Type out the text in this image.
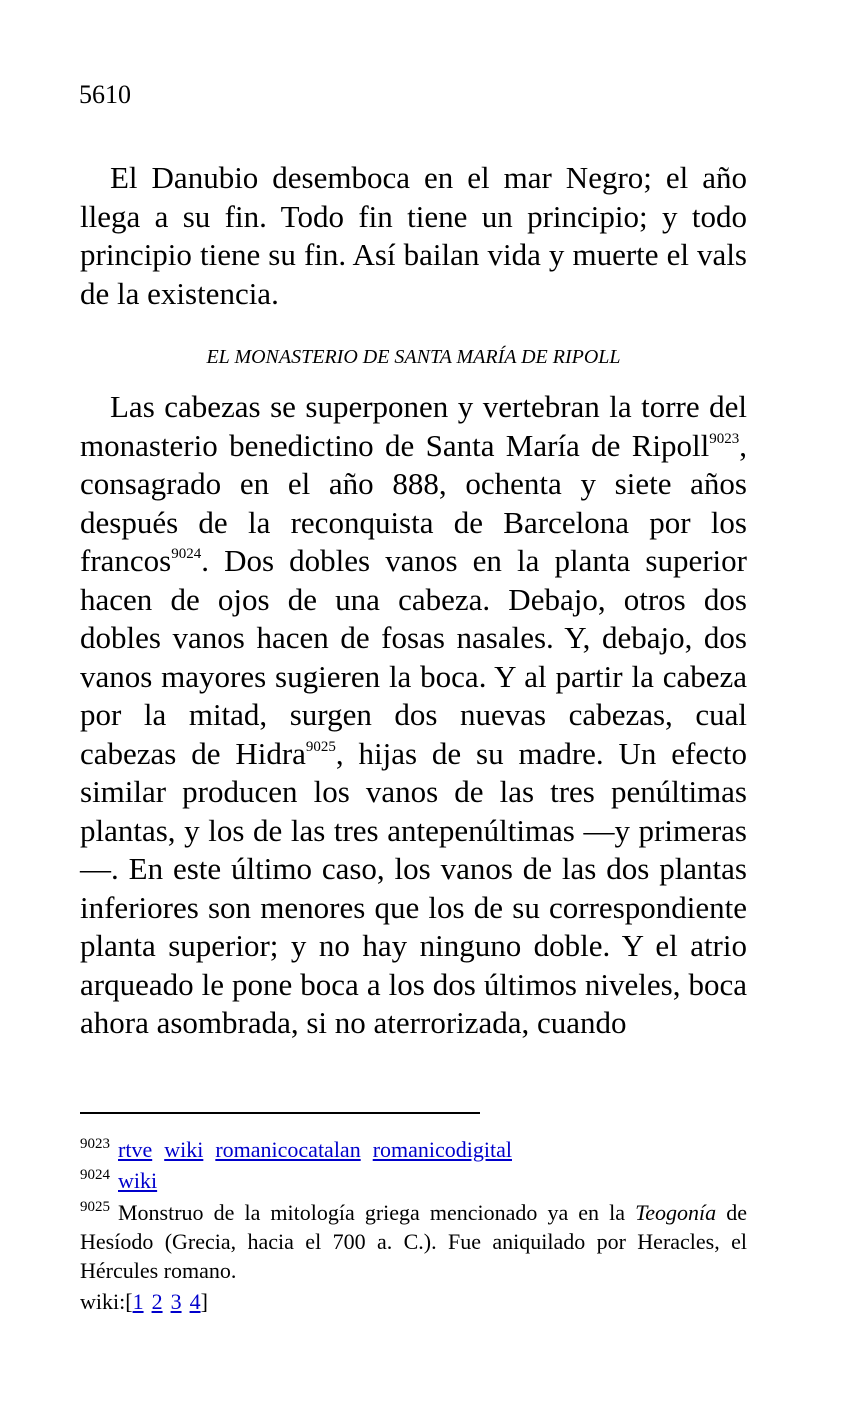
5610

El Danubio desemboca en el mar Negro; el año llega a su fin. Todo fin tiene un principio; y todo principio tiene su fin. Así bailan vida y muerte el vals de la existencia.

EL MONASTERIO DE SANTA MARÍA DE RIPOLL

Las cabezas se superponen y vertebran la torre del monasterio benedictino de Santa María de Ripoll$^{9023}$, consagrado en el año 888, ochenta y siete años después de la reconquista de Barcelona por los francos$^{9024}$. Dos dobles vanos en la planta superior hacen de ojos de una cabeza. Debajo, otros dos dobles vanos hacen de fosas nasales. Y, debajo, dos vanos mayores sugieren la boca. Y al partir la cabeza por la mitad, surgen dos nuevas cabezas, cual cabezas de Hidra$^{9025}$, hijas de su madre. Un efecto similar producen los vanos de las tres penúltimas plantas, y los de las tres antepenúltimas —y primeras—. En este último caso, los vanos de las dos plantas inferiores son menores que los de su correspondiente planta superior; y no hay ninguno doble. Y el atrio arqueado le pone boca a los dos últimos niveles, boca ahora asombrada, si no aterrorizada, cuando

$^{9023}$ rtve wiki romanicocatalan romanicodigital

$^{9024}$ wiki

$^{9025}$ Monstruo de la mitología griega mencionado ya en la Teogonía de Hesíodo (Grecia, hacia el 700 a. C.). Fue aniquilado por Heracles, el Hércules romano.

wiki:[1 2 3 4]
